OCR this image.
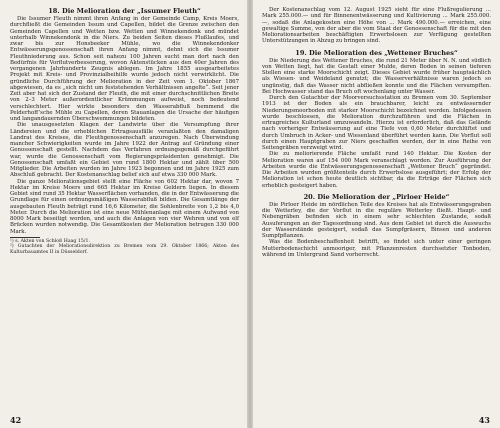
18. Die Melioration der „Issumer Fleuth“

Die Issumer Fleuth nimmt ihren Anfang in der Gemeinde Camp, Kreis Moers, durchfließt die Gemeinden Issum und Capellen, bildet die Grenze zwischen den Gemeinden Capellen und Wetten bzw. Wetten und Winnekendonk und mündet unterhalb Winnekendonk in die Niers. Zu beiden Seiten dieses Flußlaufes, und zwar bis zur Honsbeeker Mühle, wo die Winnekendonker Entwässerungsgenossenschaft ihren Anfang nimmt, dehnt sich die Issumer Fleuthniederung aus. Schon seit nahezu 100 Jahren sucht man dort nach den Bedürfnis für Vorflutverbesserung, wovon Aktenstücken aus den 40er Jahren des vergangenen Jahrhunderts Zeugnis ablegen. Im Jahre 1855 ausgearbeitetes Projekt mit Kreis- und Provinzialbeihilfe wurde jedoch nicht verwirklicht. Die gründliche Durchführung der Melioration in der Zeit vom 1. Oktober 1867 abgewiesen, da es „sich nicht um feststehenden Verhältnissen angelte“. Seit jener Zeit aber hat sich der Zustand der Fleuth, die mit einer durchschnittlichen Breite von 2–3 Meter außerordentlicher Krümmungen aufweist, noch bedeutend verschlechtert. Hier wirkte besonders den Wasserabfluß hemmend die Pelderhoff’sche Mühle zu Capellen, deren Stauanlagen die Ursache der häufigen und langandauernden Überschwemmungen bildeten.

Die unausgesetzten Klagen der Landwirte über die Versumpfung ihrer Ländereien und die erheblichen Ertragsausfälle veranlaßten den damaligen Landrat des Kreises, die Fleuthgenossenschaft anzuregen. Nach Überwindung mancher Schwierigkeiten wurde im Jahre 1922 der Antrag auf Gründung einer Genossenschaft gestellt. Nachdem das Verfahren ordnungsgemäß durchgeführt war, wurde die Genossenschaft vom Regierungspräsidenten genehmigt. Die Genossenschaft umfaßt ein Gebiet von rund 1800 Hektar und zählt über 500 Mitglieder. Die Arbeiten wurden im Jahre 1923 begonnen und im Jahre 1925 zum Abschluß gebracht. Der Kostenanschlag belief sich auf etwa 330 000 Mark.

Die ganze Meliorationsgebiet stellt eine Fläche von 602 Hektar dar, wovon 7 Hektar im Kreise Moers und 665 Hektar im Kreise Geldern liegen. In diesem Gebiet sind rund 35 Hektar Wasserflächen vorhanden, die in der Entwässerung die Grundlage für einen ordnungsmäßigen Wasserabfluß bilden. Die Gesamtlänge der ausgebauten Fleuth beträgt rund 16,6 Kilometer, die Sohlenbreite von 1,2 bis 4,0 Meter. Durch die Melioration ist eine neue Mühlenanlage mit einem Aufwand von 8000 Mark beseitigt worden, und auch die Anlagen von vier Wehren und von elf Brücken wurden notwendig. Die Gesamtkosten der Melioration betrugen 330 000 Mark.

¹) s. Akten von Schloß Haag 15/1.

²) Gutachten der Meliorationsdirektion zu Bremen vom 29. Oktober 1866; Akten des Kulturbauamtes II in Düsseldorf.

42

Der Kostenanschlag vom 12. August 1925 sieht für eine Flußregulierung ... Mark 255.000.— und für Binnenentwässerung und Kultivierung ... Mark 255.000.—, sodaß die Anlagekosten eine Höhe von ... Mark 490.000.— erreichen, eine gewaltige Summe, von der aber die vom Staat der Genossenschaft für die mit den Meliorationsarbeiten beschäftigten Erwerbslosen zur Verfügung gestellten Unterstützungen in Abzug zu bringen sind.

19. Die Melioration des „Wettener Bruches“

Die Niederung des Wettener Bruches, die rund 21 Meter über N. N. und südlich von Wetten liegt, hat die Gestalt einer Mulde, deren Boden in seinen tieferen Stellen eine starke Moorschicht zeigt. Dieses Gebiet wurde früher hauptsächlich als Wiesen- und Weideland genutzt; die Wasserverhältnisse waren jedoch so ungünstig, daß das Wasser nicht abfließen konnte und die Flächen versumpften. Bei Hochwasser stand das Bruch oft wochenlang unter Wasser.

Durch den Gutachter der Moorversuchsstation zu Bremen vom 30. September 1913 ist der Boden als ein brauchbarer, leicht zu entwässernder Niederungsmoorboden mit starker Moorschicht bezeichnet worden. Infolgedessen wurde beschlossen, die Melioration durchzuführen und die Flächen in ertragreiches Kulturland umzuwandeln. Hierzu ist erforderlich, daß das Gelände nach vorheriger Entwässerung auf eine Tiefe von 0,60 Meter durchlüftet und durch Umbruch in Acker- und Wiesenland überführt werden kann. Die Vorflut soll durch einen Hauptgraben zur Niers geschaffen werden, der in eine Reihe von Seitengräben verzweigt wird.

Die zu meliorierende Fläche umfaßt rund 140 Hektar. Die Kosten der Melioration waren auf 154 000 Mark veranschlagt worden. Zur Ausführung der Arbeiten wurde die Entwässerungsgenossenschaft „Wettener Bruch“ gegründet. Die Arbeiten wurden größtenteils durch Erwerbslose ausgeführt; der Erfolg der Melioration ist schon heute deutlich sichtbar, da die Erträge der Flächen sich erheblich gesteigert haben.

20. Die Melioration der „Pirloer Heide“

Die Pirloer Heide im nördlichen Teile des Kreises hat als Entwässerungsgraben die Wetterley, die der Vorflut in die reguläre Wetterley fließt. Haupt- und Nebengräben befinden sich in einem sehr schlechten Zustande, sodaß Ausuferungen an der Tagesordnung sind. Aus dem Gebiet ist durch die Auswuchs der Wasserstände gesteigert, sodaß das Sumpfgräsern, Binsen und anderen Sumpfpflanzen.

Was die Bodenbeschaffenheit betrifft, so findet sich unter einer geringen Mutterbodenschicht anmooriger, mit Pflanzenresten durchsetzter Tonboden, während im Untergrund Sand vorherrscht.

43
